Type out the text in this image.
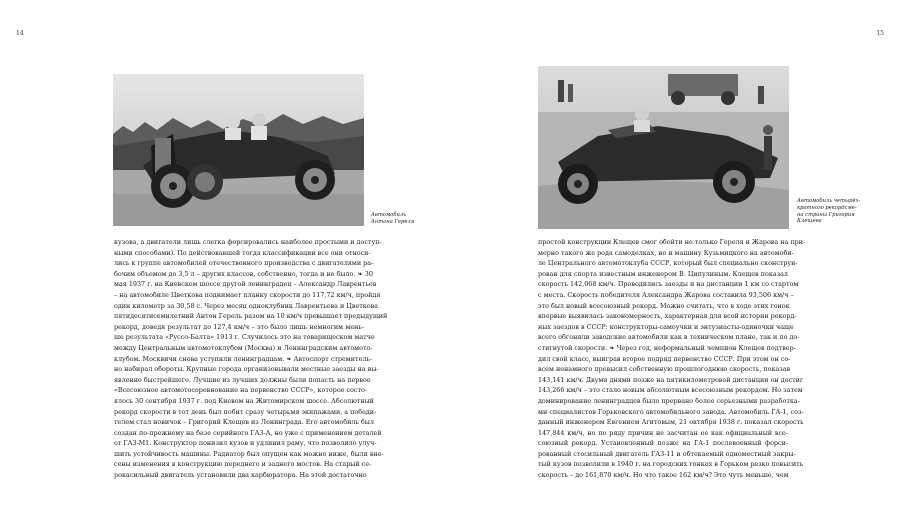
14
Автомобиль
Антона Гереля

кузова, а двигатели лишь слегка форсировались наиболее простыми и доступ-

ными способами). По действовавшей тогда классификации все они относи-

лись к группе автомобилей отечественного производства с двигателями ра-

бочим объемом до 3,5 л – других классов, собственно, тогда и не было. ❧ 30

мая 1937 г. на Киевском шоссе другой ленинградец – Александр Лаврентьев

– на автомобиле Цветкова поднимает планку скорости до 117,72 км/ч, пройдя

один километр за 30,58 с. Через месяц одноклубник Лаврентьева и Цветкова

пятидесятисемилетний Антон Герель разом на 10 км/ч превышает предыдущий

рекорд, доведя результат до 127,4 км/ч – это было лишь немногим мень-

ше результата «Руссо-Балта» 1913 г. Случилось это на товарищеском матче

между Центральным автомотоклубом (Москва) и Ленинградским автомото-

клубом. Москвичи снова уступили ленинградцам. ❧ Автоспорт стремитель-

но набирал обороты. Крупные города организовывали местные заезды на вы-

явление быстрейшего. Лучшие из лучших должны были попасть на первое

«Всесоюзное автомотосоревнование на первенство СССР», которое состо-

ялось 30 сентября 1937 г. под Киевом на Житомирском шоссе. Абсолютный

рекорд скорости в тот день был побит сразу четырьмя экипажами, а победи-

телем стал новичок – Григорий Клещев из Ленинграда. Его автомобиль был

создан по-прежнему на базе серийного ГАЗ-А, но уже с применением деталей

от ГАЗ-М1. Конструктор понизил кузов и удлинил раму, что позволило улуч-

шить устойчивость машины. Радиатор был опущен как можно ниже, были вне-

сены изменения в конструкцию переднего и заднего мостов. На старый се-

рокасильный двигатель установили два карбюратора. На этой достаточно

15
Автомобиль четырёх-
кратного рекордсме-
на страны Григория
Клещева

простой конструкции Клещев смог обойти не только Гереля и Жарова на при-

мерно такого же рода самоделках, но и машину Кузьмицкого на автомоби-

ле Центрального автомотоклуба СССР, который был специально сконструи-

рован для спорта известным инженером В. Ципулиным. Клещев показал

скорость 142,068 км/ч. Проводились заезды и на дистанции 1 км со стартом

с места. Скорость победителя Александра Жарова составила 93,506 км/ч –

это был новый всесоюзный рекорд. Можно считать, что в ходе этих гонок

впервые выявилась закономерность, характерная для всей истории рекорд-

ных заездов в СССР: конструкторы-самоучки и энтузиасты-одиночки чаще

всего обгоняли заводские автомобили как в техническом плане, так и по до-

стигнутой скорости. ❧ Через год, неформальный чемпион Клещев подтвер-

дил свой класс, выиграв второе подряд первенство СССР. При этом он со-

всем ненамного превысил собственную прошлогоднюю скорость, показав

143,141 км/ч. Двумя днями позже на пятикилометровой дистанции он достиг

143,266 км/ч – это стало новым абсолютным всесоюзным рекордом. Но затем

доминирование ленинградцев было прервано более серьезными разработка-

ми специалистов Горьковского автомобильного завода. Автомобиль ГА-1, соз-

данный инженером Евгением Агитовым, 21 октября 1938 г. показал скорость

147,844 км/ч, но по ряду причин не засчитан ее как официальный все-

союзный рекорд. Установленный позже на ГА-1 послевоенный форси-

рованный стосильный двигатель ГАЗ-11 и обтекаемый одноместный закры-

тый кузов позволили в 1940 г. на городских гонках в Горьком резко повысить

скорость – до 161,870 км/ч. Но что такое 162 км/ч? Это чуть меньше, чем
